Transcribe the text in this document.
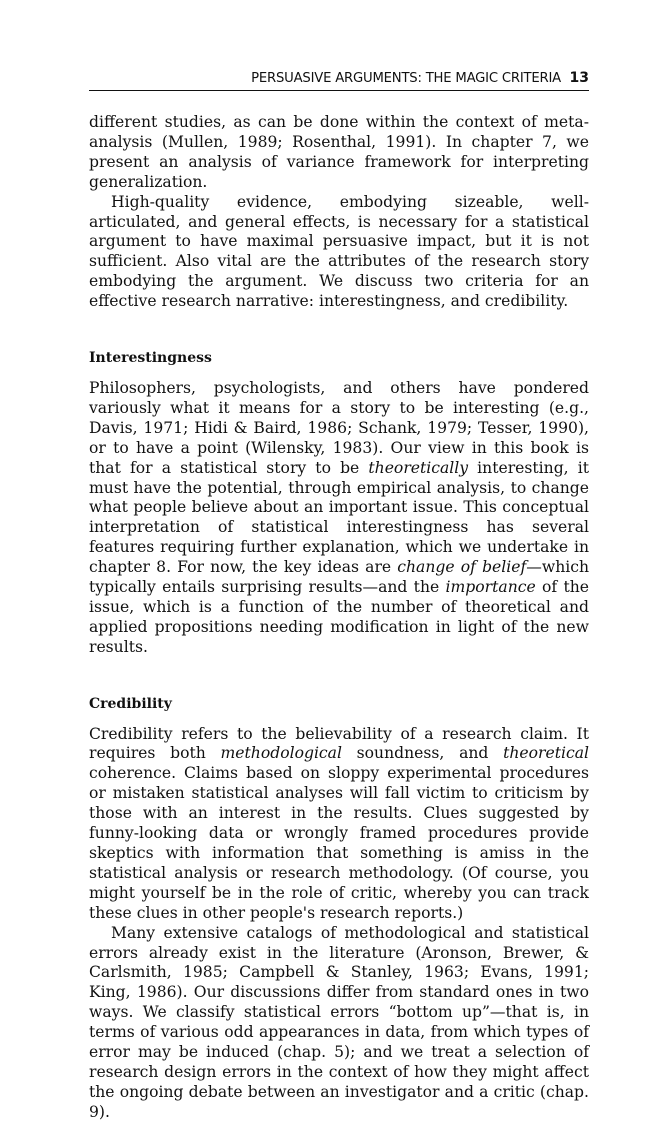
PERSUASIVE ARGUMENTS: THE MAGIC CRITERIA 13

different studies, as can be done within the context of meta-analysis (Mullen, 1989; Rosenthal, 1991). In chapter 7, we present an analysis of variance framework for interpreting generalization.

High-quality evidence, embodying sizeable, well-articulated, and general effects, is necessary for a statistical argument to have maximal persuasive impact, but it is not sufficient. Also vital are the attributes of the research story embodying the argument. We discuss two criteria for an effective research narrative: interestingness, and credibility.

Interestingness

Philosophers, psychologists, and others have pondered variously what it means for a story to be interesting (e.g., Davis, 1971; Hidi & Baird, 1986; Schank, 1979; Tesser, 1990), or to have a point (Wilensky, 1983). Our view in this book is that for a statistical story to be theoretically interesting, it must have the potential, through empirical analysis, to change what people believe about an important issue. This conceptual interpretation of statistical interestingness has several features requiring further explanation, which we undertake in chapter 8. For now, the key ideas are change of belief—which typically entails surprising results—and the importance of the issue, which is a function of the number of theoretical and applied propositions needing modification in light of the new results.

Credibility

Credibility refers to the believability of a research claim. It requires both methodological soundness, and theoretical coherence. Claims based on sloppy experimental procedures or mistaken statistical analyses will fall victim to criticism by those with an interest in the results. Clues suggested by funny-looking data or wrongly framed procedures provide skeptics with information that something is amiss in the statistical analysis or research methodology. (Of course, you might yourself be in the role of critic, whereby you can track these clues in other people's research reports.)

Many extensive catalogs of methodological and statistical errors already exist in the literature (Aronson, Brewer, & Carlsmith, 1985; Campbell & Stanley, 1963; Evans, 1991; King, 1986). Our discussions differ from standard ones in two ways. We classify statistical errors “bottom up”—that is, in terms of various odd appearances in data, from which types of error may be induced (chap. 5); and we treat a selection of research design errors in the context of how they might affect the ongoing debate between an investigator and a critic (chap. 9).
